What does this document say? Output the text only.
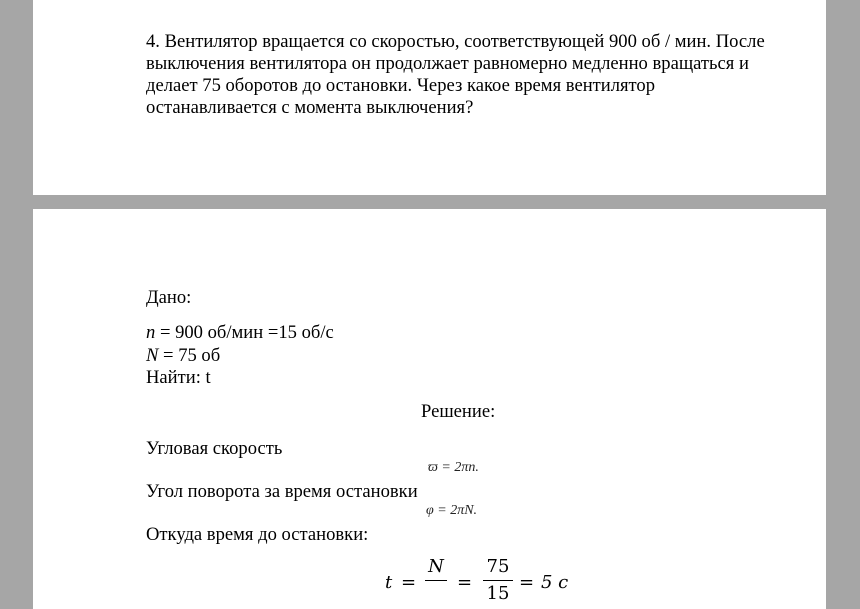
4. Вентилятор вращается со скоростью, соответствующей 900 об / мин. После выключения вентилятора он продолжает равномерно медленно вращаться и делает 75 оборотов до остановки. Через какое время вентилятор останавливается с момента выключения?

Дано:
n = 900 об/мин =15 об/с
N = 75 об
Найти: t
Решение:
Угловая скорость
ϖ = 2πn.
Угол поворота за время остановки
φ = 2πN.
Откуда время до остановки:
t =
N
=
75
15
= 5 с
